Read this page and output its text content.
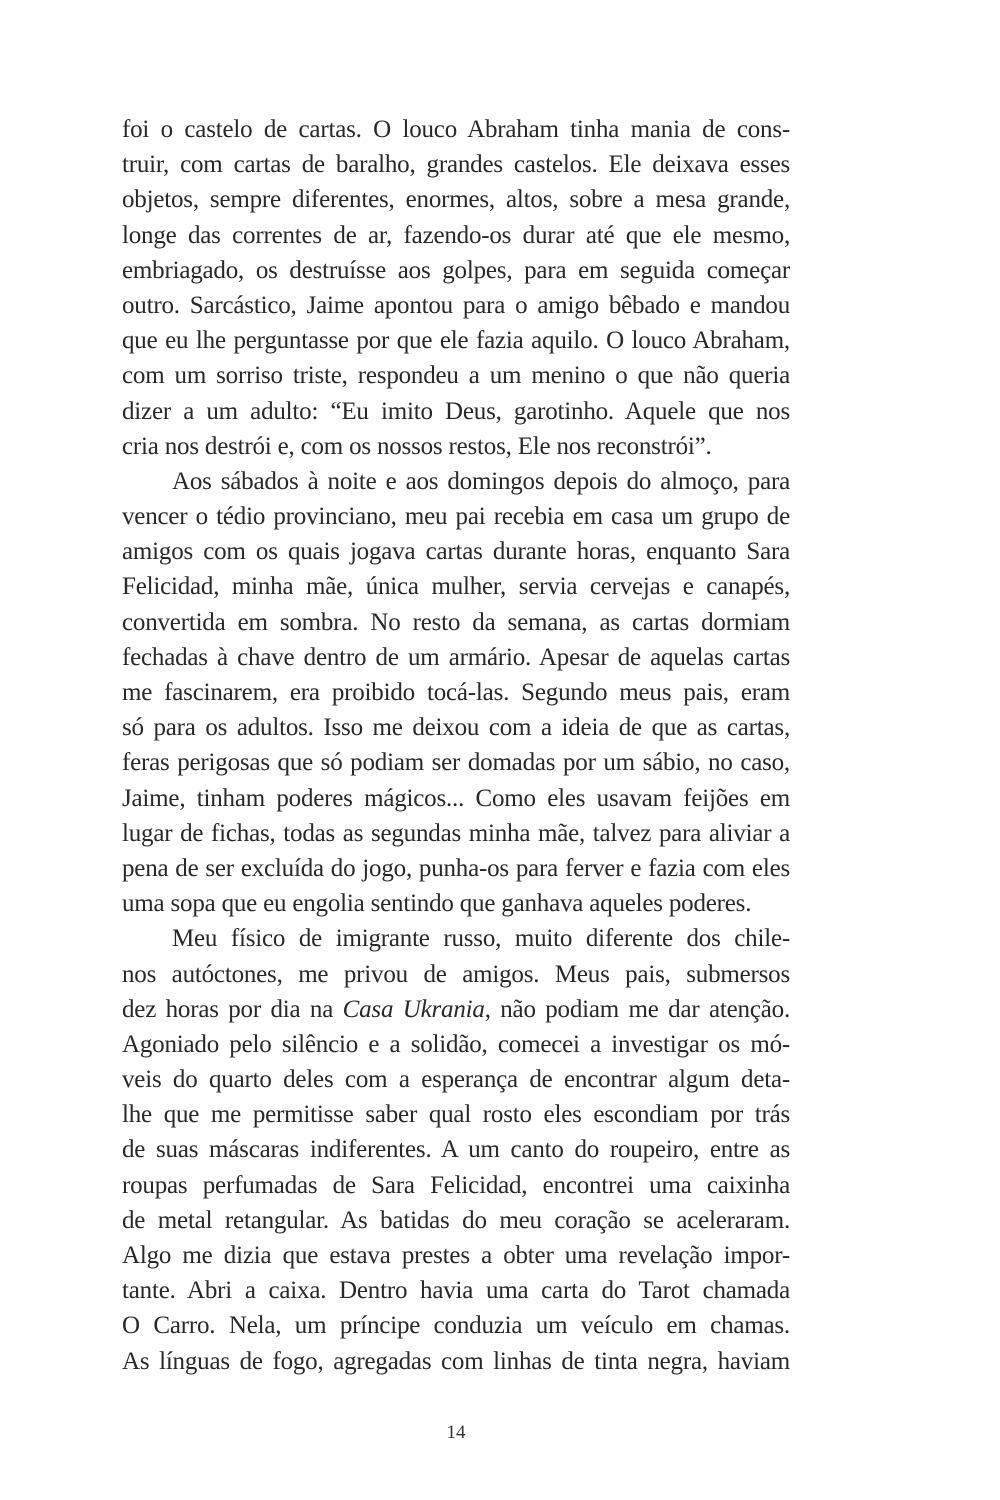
foi o castelo de cartas. O louco Abraham tinha mania de cons-
truir, com cartas de baralho, grandes castelos. Ele deixava esses
objetos, sempre diferentes, enormes, altos, sobre a mesa grande,
longe das correntes de ar, fazendo-os durar até que ele mesmo,
embriagado, os destruísse aos golpes, para em seguida começar
outro. Sarcástico, Jaime apontou para o amigo bêbado e mandou
que eu lhe perguntasse por que ele fazia aquilo. O louco Abraham,
com um sorriso triste, respondeu a um menino o que não queria
dizer a um adulto: “Eu imito Deus, garotinho. Aquele que nos
cria nos destrói e, com os nossos restos, Ele nos reconstrói”.
Aos sábados à noite e aos domingos depois do almoço, para
vencer o tédio provinciano, meu pai recebia em casa um grupo de
amigos com os quais jogava cartas durante horas, enquanto Sara
Felicidad, minha mãe, única mulher, servia cervejas e canapés,
convertida em sombra. No resto da semana, as cartas dormiam
fechadas à chave dentro de um armário. Apesar de aquelas cartas
me fascinarem, era proibido tocá-las. Segundo meus pais, eram
só para os adultos. Isso me deixou com a ideia de que as cartas,
feras perigosas que só podiam ser domadas por um sábio, no caso,
Jaime, tinham poderes mágicos... Como eles usavam feijões em
lugar de fichas, todas as segundas minha mãe, talvez para aliviar a
pena de ser excluída do jogo, punha-os para ferver e fazia com eles
uma sopa que eu engolia sentindo que ganhava aqueles poderes.
Meu físico de imigrante russo, muito diferente dos chile-
nos autóctones, me privou de amigos. Meus pais, submersos
dez horas por dia na Casa Ukrania, não podiam me dar atenção.
Agoniado pelo silêncio e a solidão, comecei a investigar os mó-
veis do quarto deles com a esperança de encontrar algum deta-
lhe que me permitisse saber qual rosto eles escondiam por trás
de suas máscaras indiferentes. A um canto do roupeiro, entre as
roupas perfumadas de Sara Felicidad, encontrei uma caixinha
de metal retangular. As batidas do meu coração se aceleraram.
Algo me dizia que estava prestes a obter uma revelação impor-
tante. Abri a caixa. Dentro havia uma carta do Tarot chamada
O Carro. Nela, um príncipe conduzia um veículo em chamas.
As línguas de fogo, agregadas com linhas de tinta negra, haviam
14
